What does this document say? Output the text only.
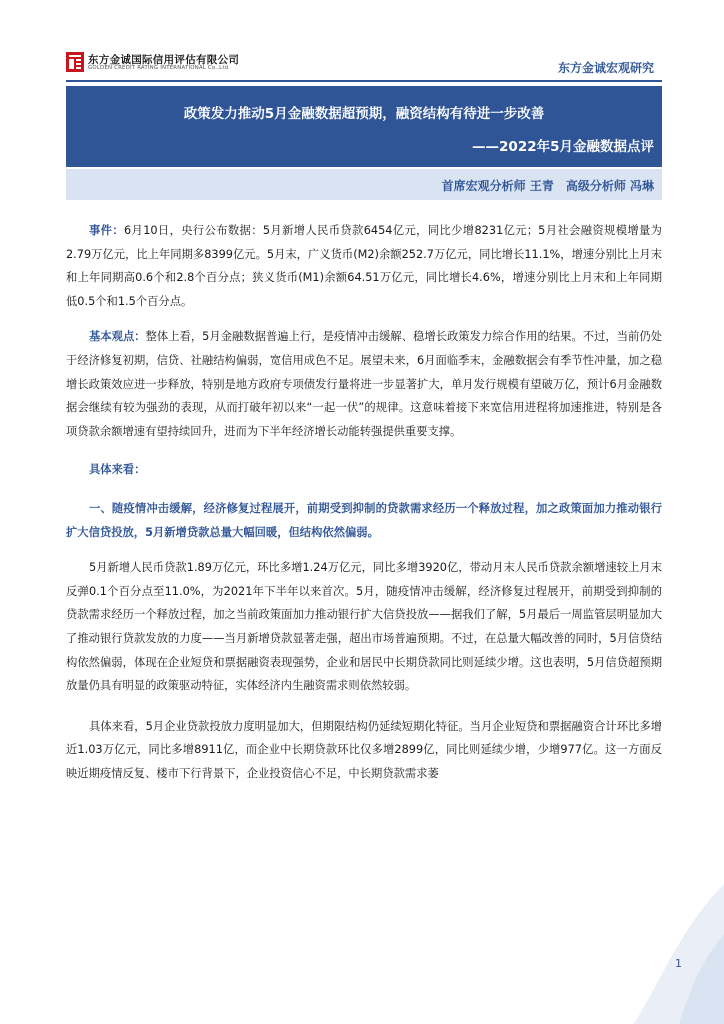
东方金诚国际信用评估有限公司
GOLDEN CREDIT RATING INTERNATIONAL Co.,Ltd.	东方金诚宏观研究
政策发力推动5月金融数据超预期，融资结构有待进一步改善
——2022年5月金融数据点评
首席宏观分析师 王青　高级分析师 冯琳

事件：6月10日，央行公布数据：5月新增人民币贷款6454亿元，同比少增8231亿元；5月社会融资规模增量为2.79万亿元，比上年同期多8399亿元。5月末，广义货币(M2)余额252.7万亿元，同比增长11.1%，增速分别比上月末和上年同期高0.6个和2.8个百分点；狭义货币(M1)余额64.51万亿元，同比增长4.6%，增速分别比上月末和上年同期低0.5个和1.5个百分点。

基本观点：整体上看，5月金融数据普遍上行，是疫情冲击缓解、稳增长政策发力综合作用的结果。不过，当前仍处于经济修复初期，信贷、社融结构偏弱，宽信用成色不足。展望未来，6月面临季末，金融数据会有季节性冲量，加之稳增长政策效应进一步释放，特别是地方政府专项债发行量将进一步显著扩大，单月发行规模有望破万亿，预计6月金融数据会继续有较为强劲的表现，从而打破年初以来“一起一伏”的规律。这意味着接下来宽信用进程将加速推进，特别是各项贷款余额增速有望持续回升，进而为下半年经济增长动能转强提供重要支撑。

具体来看：

一、随疫情冲击缓解，经济修复过程展开，前期受到抑制的贷款需求经历一个释放过程，加之政策面加力推动银行扩大信贷投放，5月新增贷款总量大幅回暖，但结构依然偏弱。

5月新增人民币贷款1.89万亿元，环比多增1.24万亿元，同比多增3920亿，带动月末人民币贷款余额增速较上月末反弹0.1个百分点至11.0%，为2021年下半年以来首次。5月，随疫情冲击缓解，经济修复过程展开，前期受到抑制的贷款需求经历一个释放过程，加之当前政策面加力推动银行扩大信贷投放——据我们了解，5月最后一周监管层明显加大了推动银行贷款发放的力度——当月新增贷款显著走强，超出市场普遍预期。不过，在总量大幅改善的同时，5月信贷结构依然偏弱，体现在企业短贷和票据融资表现强势，企业和居民中长期贷款同比则延续少增。这也表明，5月信贷超预期放量仍具有明显的政策驱动特征，实体经济内生融资需求则依然较弱。

具体来看，5月企业贷款投放力度明显加大，但期限结构仍延续短期化特征。当月企业短贷和票据融资合计环比多增近1.03万亿元，同比多增8911亿，而企业中长期贷款环比仅多增2899亿，同比则延续少增，少增977亿。这一方面反映近期疫情反复、楼市下行背景下，企业投资信心不足，中长期贷款需求萎

1
